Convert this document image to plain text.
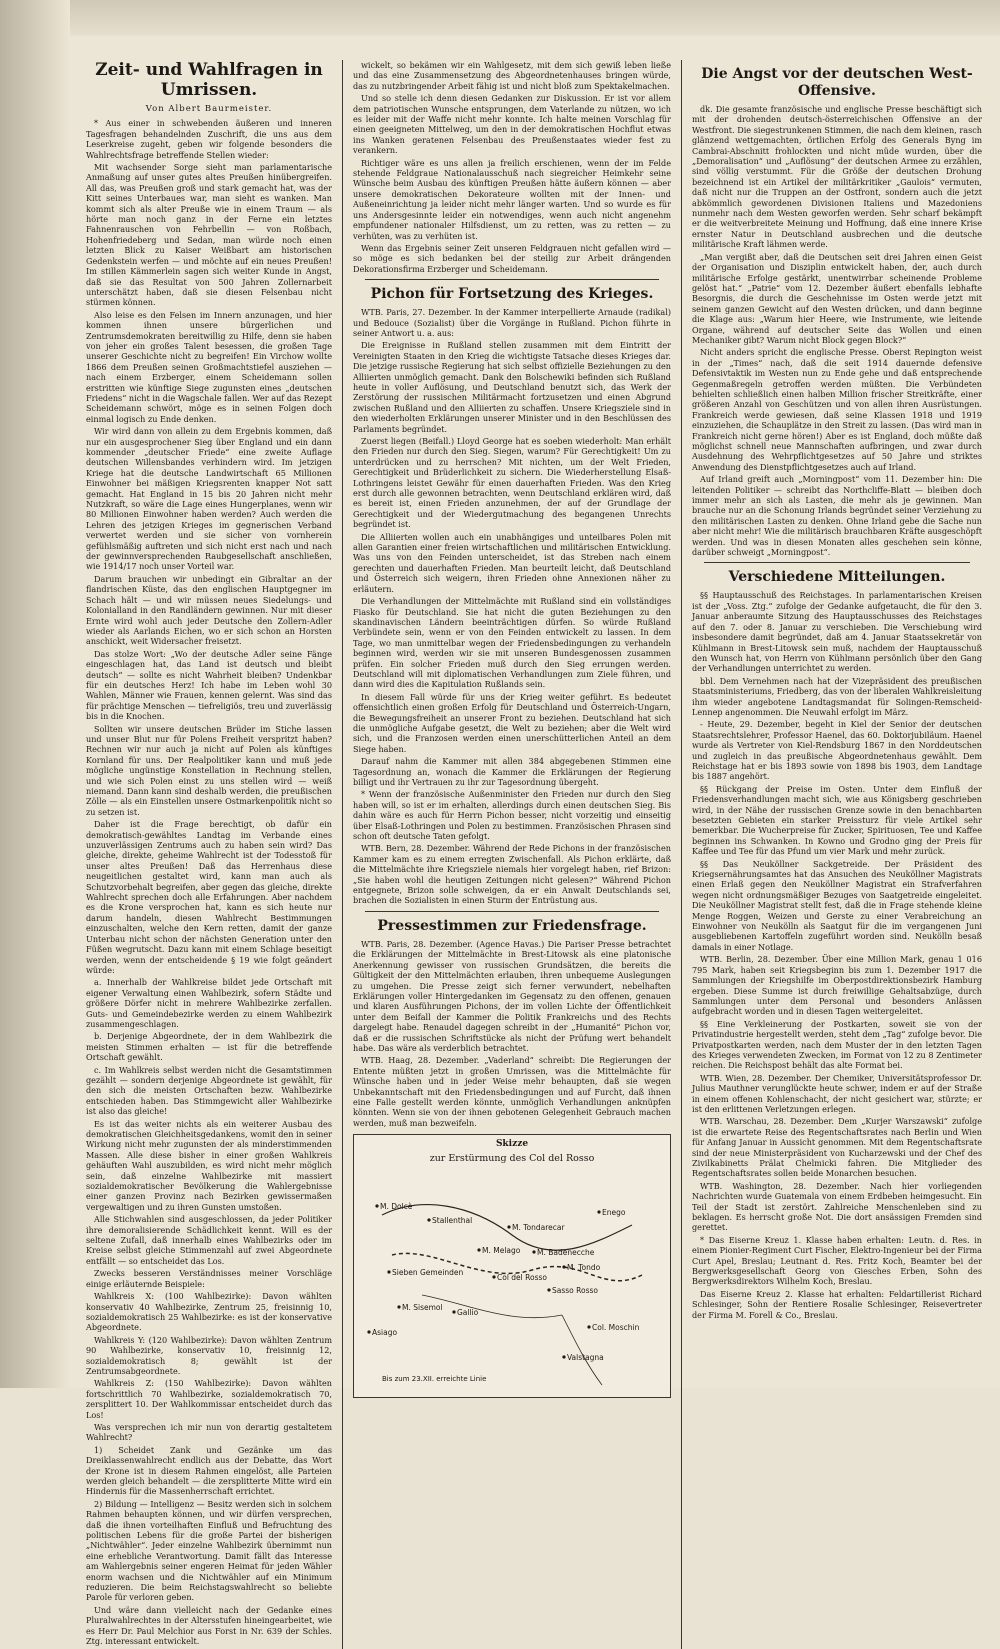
Zeit- und Wahlfragen in Umrissen.
Von Albert Baurmeister.

* Aus einer in schwebenden äußeren und inneren Tagesfragen behandelnden Zuschrift, die uns aus dem Leserkreise zugeht, geben wir folgende besonders die Wahlrechtsfrage betreffende Stellen wieder:

Mit wachsender Sorge sieht man parlamentarische Anmaßung auf unser gutes altes Preußen hinübergreifen. All das, was Preußen groß und stark gemacht hat, was der Kitt seines Unterbaues war, man sieht es wanken. Man kommt sich als alter Preuße wie in einem Traum — als hörte man noch ganz in der Ferne ein letztes Fahnenrauschen von Fehrbellin — von Roßbach, Hohenfriedeberg und Sedan, man würde noch einen letzten Blick zu Kaiser Weißbart am historischen Gedenkstein werfen — und möchte auf ein neues Preußen! Im stillen Kämmerlein sagen sich weiter Kunde in Angst, daß sie das Resultat von 500 Jahren Zollernarbeit unterschätzt haben, daß sie diesen Felsenbau nicht stürmen können.

Also leise es den Felsen im Innern anzunagen, und hier kommen ihnen unsere bürgerlichen und Zentrumsdemokraten bereitwillig zu Hilfe, denn sie haben von jeher ein großes Talent besessen, die großen Tage unserer Geschichte nicht zu begreifen! Ein Virchow wollte 1866 dem Preußen seinen Großmachtstiefel ausziehen — nach einem Erzberger, einem Scheidemann sollen erstritten wie künftige Siege zugunsten eines „deutschen Friedens“ nicht in die Wagschale fallen. Wer auf das Rezept Scheidemann schwört, möge es in seinen Folgen doch einmal logisch zu Ende denken.

Wir wird dann von allein zu dem Ergebnis kommen, daß nur ein ausgesprochener Sieg über England und ein dann kommender „deutscher Friede“ eine zweite Auflage deutschen Willensbandes verhindern wird. Im jetzigen Kriege hat die deutsche Landwirtschaft 65 Millionen Einwohner bei mäßigen Kriegsrenten knapper Not satt gemacht. Hat England in 15 bis 20 Jahren nicht mehr Nutzkraft, so wäre die Lage eines Hungerplanes, wenn wir 80 Millionen Einwohner haben werden? Auch werden die Lehren des jetzigen Krieges im gegnerischen Verband verwertet werden und sie sicher von vornherein gefühlsmäßig auftreten und sich nicht erst nach und nach der gewinnversprechenden Raubgesellschaft anschließen, wie 1914/17 noch unser Vorteil war.

Darum brauchen wir unbedingt ein Gibraltar an der flandrischen Küste, das den englischen Hauptgegner im Schach hält — und wir müssen neues Siedelungs- und Kolonialland in den Randländern gewinnen. Nur mit dieser Ernte wird wohl auch jeder Deutsche den Zollern-Adler wieder als Aarlands Eichen, wo er sich schon an Horsten anschickt, weit Widersacher freisetzt.

Das stolze Wort: „Wo der deutsche Adler seine Fänge eingeschlagen hat, das Land ist deutsch und bleibt deutsch“ — sollte es nicht Wahrheit bleiben? Undenkbar für ein deutsches Herz! Ich habe im Leben wohl 30 Wahlen, Männer wie Frauen, kennen gelernt. Was sind das für prächtige Menschen — tiefreligiös, treu und zuverlässig bis in die Knochen.

Sollten wir unsere deutschen Brüder im Stiche lassen und unser Blut nur für Polens Freiheit verspritzt haben? Rechnen wir nur auch ja nicht auf Polen als künftiges Kornland für uns. Der Realpolitiker kann und muß jede mögliche ungünstige Konstellation in Rechnung stellen, und wie sich Polen einst zu uns stellen wird — weiß niemand. Dann kann sind deshalb werden, die preußischen Zölle — als ein Einstellen unsere Ostmarkenpolitik nicht so zu setzen ist.

Daher ist die Frage berechtigt, ob dafür ein demokratisch-gewähltes Landtag im Verbande eines unzuverlässigen Zentrums auch zu haben sein wird? Das gleiche, direkte, geheime Wahlrecht ist der Todesstoß für unser altes Preußen! Daß das Herrenhaus diese neugeitlichen gestaltet wird, kann man auch als Schutzvorbehalt begreifen, aber gegen das gleiche, direkte Wahlrecht sprechen doch alle Erfahrungen. Aber nachdem es die Krone versprochen hat, kann es sich heute nur darum handeln, diesen Wahlrecht Bestimmungen einzuschalten, welche den Kern retten, damit der ganze Unterbau nicht schon der nächsten Generation unter den Füßen wegrutscht. Dazu kann mit einem Schlage beseitigt werden, wenn der entscheidende § 19 wie folgt geändert würde:

a. Innerhalb der Wahlkreise bildet jede Ortschaft mit eigener Verwaltung einen Wahlbezirk, sofern Städte und größere Dörfer nicht in mehrere Wahlbezirke zerfallen. Guts- und Gemeindebezirke werden zu einem Wahlbezirk zusammengeschlagen.

b. Derjenige Abgeordnete, der in dem Wahlbezirk die meisten Stimmen erhalten — ist für die betreffende Ortschaft gewählt.

c. Im Wahlkreis selbst werden nicht die Gesamtstimmen gezählt — sondern derjenige Abgeordnete ist gewählt, für den sich die meisten Ortschaften bezw. Wahlbezirke entschieden haben. Das Stimmgewicht aller Wahlbezirke ist also das gleiche!

Es ist das weiter nichts als ein weiterer Ausbau des demokratischen Gleichheitsgedankens, womit den in seiner Wirkung nicht mehr zugunsten der als minderstimmenden Massen. Alle diese bisher in einer großen Wahlkreis gehäuften Wahl auszubilden, es wird nicht mehr möglich sein, daß einzelne Wahlbezirke mit massiert sozialdemokratischer Bevölkerung die Wahlergebnisse einer ganzen Provinz nach Bezirken gewissermaßen vergewaltigen und zu ihren Gunsten umstoßen.

Alle Stichwahlen sind ausgeschlossen, da jeder Politiker ihre demoralisierende Schädlichkeit kennt. Will es der seltene Zufall, daß innerhalb eines Wahlbezirks oder im Kreise selbst gleiche Stimmenzahl auf zwei Abgeordnete entfällt — so entscheidet das Los.

Zwecks besseren Verständnisses meiner Vorschläge einige erläuternde Beispiele:

Wahlkreis X: (100 Wahlbezirke): Davon wählten konservativ 40 Wahlbezirke, Zentrum 25, freisinnig 10, sozialdemokratisch 25 Wahlbezirke: es ist der konservative Abgeordnete.

Wahlkreis Y: (120 Wahlbezirke): Davon wählten Zentrum 90 Wahlbezirke, konservativ 10, freisinnig 12, sozialdemokratisch 8; gewählt ist der Zentrumsabgeordnete.

Wahlkreis Z: (150 Wahlbezirke): Davon wählten fortschrittlich 70 Wahlbezirke, sozialdemokratisch 70, zersplittert 10. Der Wahlkommissar entscheidet durch das Los!

Was versprechen ich mir nun von derartig gestaltetem Wahlrecht?

1) Scheidet Zank und Gezänke um das Dreiklassenwahlrecht endlich aus der Debatte, das Wort der Krone ist in diesem Rahmen eingelöst, alle Parteien werden gleich behandelt — die zersplitterte Mitte wird ein Hindernis für die Massenherrschaft errichtet.

2) Bildung — Intelligenz — Besitz werden sich in solchem Rahmen behaupten können, und wir dürfen versprechen, daß die ihnen vorteilhaften Einfluß und Befruchtung des politischen Lebens für die große Partei der bisherigen „Nichtwähler“. Jeder einzelne Wahlbezirk übernimmt nun eine erhebliche Verantwortung. Damit fällt das Interesse am Wahlergebnis seiner engeren Heimat für jeden Wähler enorm wachsen und die Nichtwähler auf ein Minimum reduzieren. Die beim Reichstagswahlrecht so beliebte Parole für verloren geben.

Und wäre dann vielleicht nach der Gedanke eines Pluralwahlrechtes in der Altersstufen hineingearbeitet, wie es Herr Dr. Paul Melchior aus Forst in Nr. 639 der Schles. Ztg. interessant entwickelt.

wickelt, so bekämen wir ein Wahlgesetz, mit dem sich gewiß leben ließe und das eine Zusammensetzung des Abgeordnetenhauses bringen würde, das zu nutzbringender Arbeit fähig ist und nicht bloß zum Spektakelmachen.

Und so stelle ich denn diesen Gedanken zur Diskussion. Er ist vor allem dem patriotischen Wunsche entsprungen, dem Vaterlande zu nützen, wo ich es leider mit der Waffe nicht mehr konnte. Ich halte meinen Vorschlag für einen geeigneten Mittelweg, um den in der demokratischen Hochflut etwas ins Wanken geratenen Felsenbau des Preußenstaates wieder fest zu verankern.

Richtiger wäre es uns allen ja freilich erschienen, wenn der im Felde stehende Feldgraue Nationalausschuß nach siegreicher Heimkehr seine Wünsche beim Ausbau des künftigen Preußen hätte äußern können — aber unsere demokratischen Dekorateure wollten mit der Innen- und Außeneinrichtung ja leider nicht mehr länger warten. Und so wurde es für uns Andersgesinnte leider ein notwendiges, wenn auch nicht angenehm empfundener nationaler Hilfsdienst, um zu retten, was zu retten — zu verhüten, was zu verhüten ist.

Wenn das Ergebnis seiner Zeit unseren Feldgrauen nicht gefallen wird — so möge es sich bedanken bei der steilig zur Arbeit drängenden Dekorationsfirma Erzberger und Scheidemann.

Pichon für Fortsetzung des Krieges.

WTB. Paris, 27. Dezember. In der Kammer interpellierte Arnaude (radikal) und Bedouce (Sozialist) über die Vorgänge in Rußland. Pichon führte in seiner Antwort u. a. aus:

Die Ereignisse in Rußland stellen zusammen mit dem Eintritt der Vereinigten Staaten in den Krieg die wichtigste Tatsache dieses Krieges dar. Die jetzige russische Regierung hat sich selbst offizielle Beziehungen zu den Alliierten unmöglich gemacht. Dank den Bolschewiki befinden sich Rußland heute in voller Auflösung, und Deutschland benutzt sich, das Werk der Zerstörung der russischen Militärmacht fortzusetzen und einen Abgrund zwischen Rußland und den Alliierten zu schaffen. Unsere Kriegsziele sind in den wiederholten Erklärungen unserer Minister und in den Beschlüssen des Parlaments begründet.

Zuerst liegen (Beifall.) Lloyd George hat es soeben wiederholt: Man erhält den Frieden nur durch den Sieg. Siegen, warum? Für Gerechtigkeit! Um zu unterdrücken und zu herrschen? Mit nichten, um der Welt Frieden, Gerechtigkeit und Brüderlichkeit zu sichern. Die Wiederherstellung Elsaß-Lothringens leistet Gewähr für einen dauerhaften Frieden. Was den Krieg erst durch alle gewonnen betrachten, wenn Deutschland erklären wird, daß es bereit ist, einen Frieden anzunehmen, der auf der Grundlage der Gerechtigkeit und der Wiedergutmachung des begangenen Unrechts begründet ist.

Die Alliierten wollen auch ein unabhängiges und unteilbares Polen mit allen Garantien einer freien wirtschaftlichen und militärischen Entwicklung. Was uns von den Feinden unterscheidet, ist das Streben nach einem gerechten und dauerhaften Frieden. Man beurteilt leicht, daß Deutschland und Österreich sich weigern, ihren Frieden ohne Annexionen näher zu erläutern.

Die Verhandlungen der Mittelmächte mit Rußland sind ein vollständiges Fiasko für Deutschland. Sie hat nicht die guten Beziehungen zu den skandinavischen Ländern beeinträchtigen dürfen. So würde Rußland Verbündete sein, wenn er von den Feinden entwickelt zu lassen. In dem Tage, wo man unmittelbar wegen der Friedensbedingungen zu verhandeln beginnen wird, werden wir sie mit unseren Bundesgenossen zusammen prüfen. Ein solcher Frieden muß durch den Sieg errungen werden. Deutschland will mit diplomatischen Verhandlungen zum Ziele führen, und dann wird dies die Kapitulation Rußlands sein.

In diesem Fall würde für uns der Krieg weiter geführt. Es bedeutet offensichtlich einen großen Erfolg für Deutschland und Österreich-Ungarn, die Bewegungsfreiheit an unserer Front zu beziehen. Deutschland hat sich die unmögliche Aufgabe gesetzt, die Welt zu beziehen; aber die Welt wird sich, und die Franzosen werden einen unerschütterlichen Anteil an dem Siege haben.

Darauf nahm die Kammer mit allen 384 abgegebenen Stimmen eine Tagesordnung an, wonach die Kammer die Erklärungen der Regierung billigt und ihr Vertrauen zu ihr zur Tagesordnung übergeht.

* Wenn der französische Außenminister den Frieden nur durch den Sieg haben will, so ist er im erhalten, allerdings durch einen deutschen Sieg. Bis dahin wäre es auch für Herrn Pichon besser, nicht vorzeitig und einseitig über Elsaß-Lothringen und Polen zu bestimmen. Französischen Phrasen sind schon oft deutsche Taten gefolgt.

WTB. Bern, 28. Dezember. Während der Rede Pichons in der französischen Kammer kam es zu einem erregten Zwischenfall. Als Pichon erklärte, daß die Mittelmächte ihre Kriegsziele niemals hier vorgelegt haben, rief Brizon: „Sie haben wohl die heutigen Zeitungen nicht gelesen?“ Während Pichon entgegnete, Brizon solle schweigen, da er ein Anwalt Deutschlands sei, brachen die Sozialisten in einen Sturm der Entrüstung aus.

Pressestimmen zur Friedensfrage.

WTB. Paris, 28. Dezember. (Agence Havas.) Die Pariser Presse betrachtet die Erklärungen der Mittelmächte in Brest-Litowsk als eine platonische Anerkennung gewisser von russischen Grundsätzen, die bereits die Gültigkeit der den Mittelmächten erlauben, ihren unbequeme Auslegungen zu umgehen. Die Presse zeigt sich ferner verwundert, nebelhaften Erklärungen voller Hintergedanken im Gegensatz zu den offenen, genauen und klaren Ausführungen Pichons, der im vollen Lichte der Öffentlichkeit unter dem Beifall der Kammer die Politik Frankreichs und des Rechts dargelegt habe. Renaudel dagegen schreibt in der „Humanité“ Pichon vor, daß er die russischen Schriftstücke als nicht der Prüfung wert behandelt habe. Das wäre als verderblich betrachtet.

WTB. Haag, 28. Dezember. „Vaderland“ schreibt: Die Regierungen der Entente müßten jetzt in großen Umrissen, was die Mittelmächte für Wünsche haben und in jeder Weise mehr behaupten, daß sie wegen Unbekanntschaft mit den Friedensbedingungen und auf Furcht, daß ihnen eine Falle gestellt werden könnte, unmöglich Verhandlungen anknüpfen könnten. Wenn sie von der ihnen gebotenen Gelegenheit Gebrauch machen werden, muß man bezweifeln.

Skizze
zur Erstürmung des Col del Rosso
M. Dolcè
Stallenthal
Enego
M. Tondarecar
M. Melago M. Badenecche
M. Tondo
Col del Rosso
Sasso Rosso
M. Sisemol
Asiago
Col. Moschin
Valstagna
Sieben Gemeinden
Gallio
Bis zum 23.XII. erreichte Linie
Die Angst vor der deutschen West-Offensive.

dk. Die gesamte französische und englische Presse beschäftigt sich mit der drohenden deutsch-österreichischen Offensive an der Westfront. Die siegestrunkenen Stimmen, die nach dem kleinen, rasch glänzend wettgemachten, örtlichen Erfolg des Generals Byng im Cambrai-Abschnitt frohlockten und nicht müde wurden, über die „Demoralisation“ und „Auflösung“ der deutschen Armee zu erzählen, sind völlig verstummt. Für die Größe der deutschen Drohung bezeichnend ist ein Artikel der militärkritiker „Gaulois“ vermuten, daß nicht nur die Truppen an der Ostfront, sondern auch die jetzt abkömmlich gewordenen Divisionen Italiens und Mazedoniens nunmehr nach dem Westen geworfen werden. Sehr scharf bekämpft er die weitverbreitete Meinung und Hoffnung, daß eine innere Krise ernster Natur in Deutschland ausbrechen und die deutsche militärische Kraft lähmen werde.

„Man vergißt aber, daß die Deutschen seit drei Jahren einen Geist der Organisation und Disziplin entwickelt haben, der, auch durch militärische Erfolge gestärkt, unentwirrbar scheinende Probleme gelöst hat.“ „Patrie“ vom 12. Dezember äußert ebenfalls lebhafte Besorgnis, die durch die Geschehnisse im Osten werde jetzt mit seinem ganzen Gewicht auf den Westen drücken, und dann beginne die Klage aus: „Warum hier Heere, wie Instrumente, wie leitende Organe, während auf deutscher Seite das Wollen und einen Mechaniker gibt? Warum nicht Block gegen Block?“

Nicht anders spricht die englische Presse. Oberst Repington weist in der „Times“ nach, daß die seit 1914 dauernde defensive Defensivtaktik im Westen nun zu Ende gehe und daß entsprechende Gegenmaßregeln getroffen werden müßten. Die Verbündeten behielten schließlich einen halben Million frischer Streitkräfte, einer größeren Anzahl von Geschützen und von allen ihren Ausrüstungen. Frankreich werde gewiesen, daß seine Klassen 1918 und 1919 einzuziehen, die Schauplätze in den Streit zu lassen. (Das wird man in Frankreich nicht gerne hören!) Aber es ist England, doch müßte daß möglichst schnell neue Mannschaften aufbringen, und zwar durch Ausdehnung des Wehrpflichtgesetzes auf 50 Jahre und striktes Anwendung des Dienstpflichtgesetzes auch auf Irland.

Auf Irland greift auch „Morningpost“ vom 11. Dezember hin: Die leitenden Politiker — schreibt das Northcliffe-Blatt — bleiben doch immer mehr an sich als Lasten, die mehr als je gewinnen. Man brauche nur an die Schonung Irlands begründet seiner Verziehung zu den militärischen Lasten zu denken. Ohne Irland gebe die Sache nun aber nicht mehr! Wie die militärisch brauchbaren Kräfte ausgeschöpft werden. Und was in diesen Monaten alles geschehen sein könne, darüber schweigt „Morningpost“.

Verschiedene Mitteilungen.

§§ Hauptausschuß des Reichstages. In parlamentarischen Kreisen ist der „Voss. Ztg.“ zufolge der Gedanke aufgetaucht, die für den 3. Januar anberaumte Sitzung des Hauptausschusses des Reichstages auf den 7. oder 8. Januar zu verschieben. Die Verschiebung wird insbesondere damit begründet, daß am 4. Januar Staatssekretär von Kühlmann in Brest-Litowsk sein muß, nachdem der Hauptausschuß den Wunsch hat, von Herrn von Kühlmann persönlich über den Gang der Verhandlungen unterrichtet zu werden.

bbl. Dem Vernehmen nach hat der Vizepräsident des preußischen Staatsministeriums, Friedberg, das von der liberalen Wahlkreisleitung ihm wieder angebotene Landtagsmandat für Solingen-Remscheid-Lennep angenommen. Die Neuwahl erfolgt im März.

- Heute, 29. Dezember, begeht in Kiel der Senior der deutschen Staatsrechtslehrer, Professor Haenel, das 60. Doktorjubiläum. Haenel wurde als Vertreter von Kiel-Rendsburg 1867 in den Norddeutschen und zugleich in das preußische Abgeordnetenhaus gewählt. Dem Reichstage hat er bis 1893 sowie von 1898 bis 1903, dem Landtage bis 1887 angehört.

§§ Rückgang der Preise im Osten. Unter dem Einfluß der Friedensverhandlungen macht sich, wie aus Königsberg geschrieben wird, in der Nähe der russischen Grenze sowie in den benachbarten besetzten Gebieten ein starker Preissturz für viele Artikel sehr bemerkbar. Die Wucherpreise für Zucker, Spirituosen, Tee und Kaffee beginnen ins Schwanken. In Kowno und Grodno ging der Preis für Kaffee und Tee für das Pfund um vier Mark und mehr zurück.

§§ Das Neuköllner Sackgetreide. Der Präsident des Kriegsernährungsamtes hat das Ansuchen des Neuköllner Magistrats einen Erlaß gegen den Neuköllner Magistrat ein Strafverfahren wegen nicht ordnungsmäßiger Bezuges von Saatgetreide eingeleitet. Die Neuköllner Magistrat stellt fest, daß die in Frage stehende kleine Menge Roggen, Weizen und Gerste zu einer Verabreichung an Einwohner von Neukölln als Saatgut für die im vergangenen Juni ausgebliebenen Kartoffeln zugeführt worden sind. Neukölln besaß damals in einer Notlage.

WTB. Berlin, 28. Dezember. Über eine Million Mark, genau 1 016 795 Mark, haben seit Kriegsbeginn bis zum 1. Dezember 1917 die Sammlungen der Kriegshilfe im Oberpostdirektionsbezirk Hamburg ergeben. Diese Summe ist durch freiwillige Gehaltsabzüge, durch Sammlungen unter dem Personal und besonders Anlässen aufgebracht worden und in diesen Tagen weitergeleitet.

§§ Eine Verkleinerung der Postkarten, soweit sie von der Privatindustrie hergestellt werden, steht dem „Tag“ zufolge bevor. Die Privatpostkarten werden, nach dem Muster der in den letzten Tagen des Krieges verwendeten Zwecken, im Format von 12 zu 8 Zentimeter reichen. Die Reichspost behält das alte Format bei.

WTB. Wien, 28. Dezember. Der Chemiker, Universitätsprofessor Dr. Julius Mauthner verunglückte heute schwer, indem er auf der Straße in einem offenen Kohlenschacht, der nicht gesichert war, stürzte; er ist den erlittenen Verletzungen erlegen.

WTB. Warschau, 28. Dezember. Dem „Kurjer Warszawski“ zufolge ist die erwartete Reise des Regentschaftsrates nach Berlin und Wien für Anfang Januar in Aussicht genommen. Mit dem Regentschaftsrate sind der neue Ministerpräsident von Kucharzewski und der Chef des Zivilkabinetts Prälat Chelmicki fahren. Die Mitglieder des Regentschaftsrates sollen beide Monarchen besuchen.

WTB. Washington, 28. Dezember. Nach hier vorliegenden Nachrichten wurde Guatemala von einem Erdbeben heimgesucht. Ein Teil der Stadt ist zerstört. Zahlreiche Menschenleben sind zu beklagen. Es herrscht große Not. Die dort ansässigen Fremden sind gerettet.

* Das Eiserne Kreuz 1. Klasse haben erhalten: Leutn. d. Res. in einem Pionier-Regiment Curt Fischer, Elektro-Ingenieur bei der Firma Curt Apel, Breslau; Leutnant d. Res. Fritz Koch, Beamter bei der Bergwerksgesellschaft Georg von Giesches Erben, Sohn des Bergwerksdirektors Wilhelm Koch, Breslau.

Das Eiserne Kreuz 2. Klasse hat erhalten: Feldartillerist Richard Schlesinger, Sohn der Rentiere Rosalie Schlesinger, Reisevertreter der Firma M. Forell & Co., Breslau.
